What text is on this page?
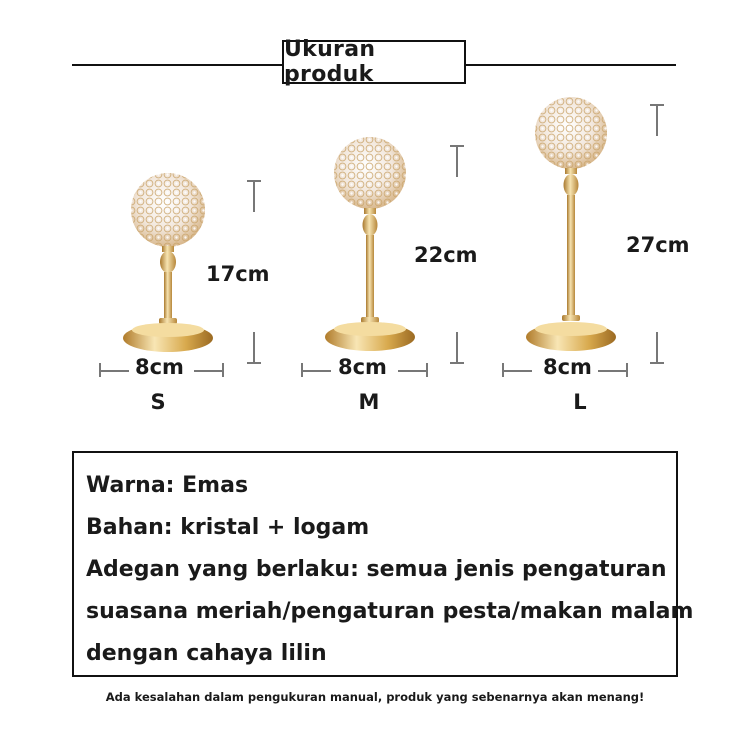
Ukuran produk
17cm
8cm
S
22cm
8cm
M
27cm
8cm
L
Warna: Emas
Bahan: kristal + logam
Adegan yang berlaku: semua jenis pengaturan
suasana meriah/pengaturan pesta/makan malam
dengan cahaya lilin
Ada kesalahan dalam pengukuran manual, produk yang sebenarnya akan menang!
